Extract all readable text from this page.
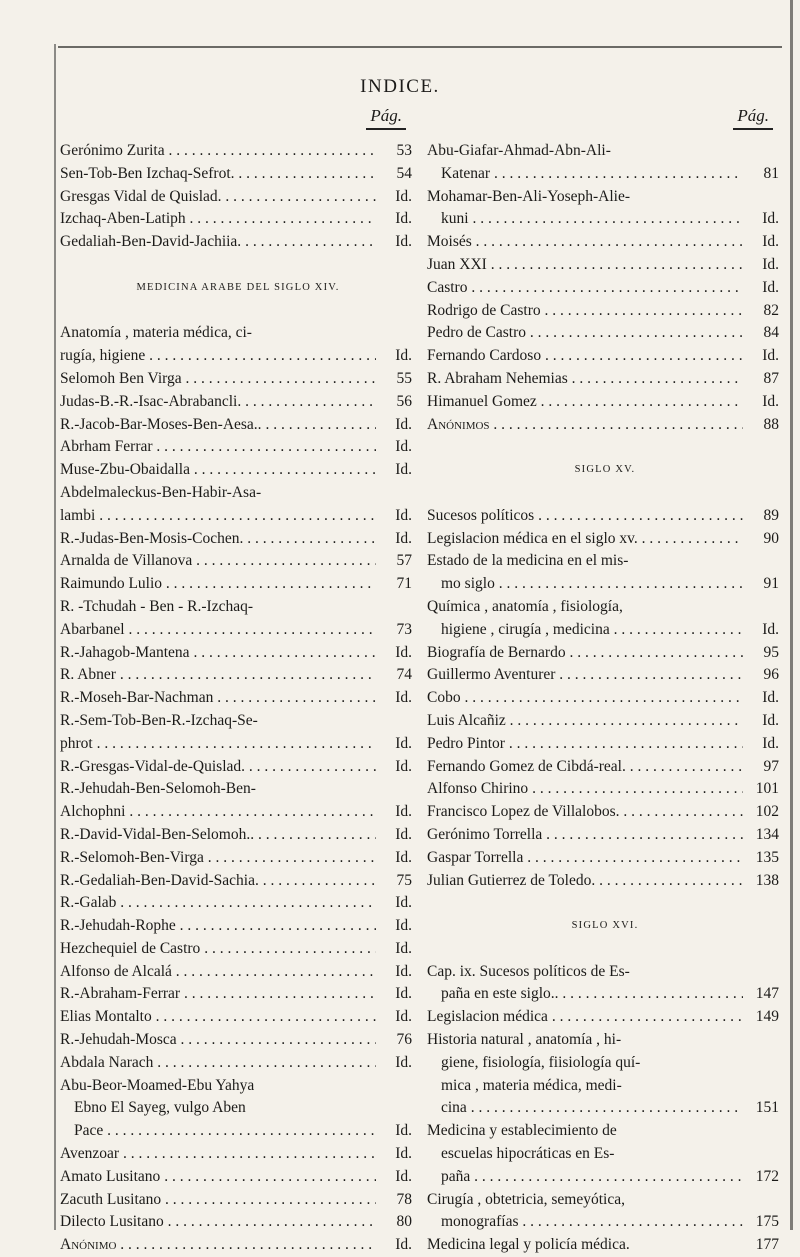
INDICE.
Pág.
Gerónimo Zurita . . .	53
Sen-Tob-Ben Izchaq-Sefrot. . . .	54
Gresgas Vidal de Quislad. . . .	Id.
Izchaq-Aben-Latiph . . .	Id.
Gedaliah-Ben-David-Jachiia. . . .	Id.
MEDICINA ARABE DEL SIGLO XIV.
Anatomía , materia médica, ci-
rugía, higiene . . .	Id.
Selomoh Ben Virga . . .	55
Judas-B.-R.-Isac-Abrabancli. . . .	56
R.-Jacob-Bar-Moses-Ben-Aesa.. . . .	Id.
Abrham Ferrar . . .	Id.
Muse-Zbu-Obaidalla . . .	Id.
Abdelmaleckus-Ben-Habir-Asa-
lambi . . .	Id.
R.-Judas-Ben-Mosis-Cochen. . . .	Id.
Arnalda de Villanova . . .	57
Raimundo Lulio . . .	71
R. -Tchudah - Ben - R.-Izchaq-
Abarbanel . . .	73
R.-Jahagob-Mantena . . .	Id.
R. Abner . . .	74
R.-Moseh-Bar-Nachman . . .	Id.
R.-Sem-Tob-Ben-R.-Izchaq-Se-
phrot . . .	Id.
R.-Gresgas-Vidal-de-Quislad. . . .	Id.
R.-Jehudah-Ben-Selomoh-Ben-
Alchophni . . .	Id.
R.-David-Vidal-Ben-Selomoh.. . . .	Id.
R.-Selomoh-Ben-Virga . . .	Id.
R.-Gedaliah-Ben-David-Sachia. . . .	75
R.-Galab . . .	Id.
R.-Jehudah-Rophe . . .	Id.
Hezchequiel de Castro . . .	Id.
Alfonso de Alcalá . . .	Id.
R.-Abraham-Ferrar . . .	Id.
Elias Montalto . . .	Id.
R.-Jehudah-Mosca . . .	76
Abdala Narach . . .	Id.
Abu-Beor-Moamed-Ebu Yahya
Ebno El Sayeg, vulgo Aben
Pace . . .	Id.
Avenzoar . . .	Id.
Amato Lusitano . . .	Id.
Zacuth Lusitano . . .	78
Dilecto Lusitano . . .	80
Anónimo . . .	Id.
Pág.
Abu-Giafar-Ahmad-Abn-Ali-
Katenar . . .	81
Mohamar-Ben-Ali-Yoseph-Alie-
kuni . . .	Id.
Moisés . . .	Id.
Juan XXI . . .	Id.
Castro . . .	Id.
Rodrigo de Castro . . .	82
Pedro de Castro . . .	84
Fernando Cardoso . . .	Id.
R. Abraham Nehemias . . .	87
Himanuel Gomez . . .	Id.
Anónimos . . .	88
SIGLO XV.
Sucesos políticos . . .	89
Legislacion médica en el siglo xv. . . .	90
Estado de la medicina en el mis-
mo siglo . . .	91
Química , anatomía , fisiología,
higiene , cirugía , medicina . . . .	Id.
Biografía de Bernardo . . .	95
Guillermo Aventurer . . .	96
Cobo . . .	Id.
Luis Alcañiz . . .	Id.
Pedro Pintor . . .	Id.
Fernando Gomez de Cibdá-real. . . .	97
Alfonso Chirino . . .	101
Francisco Lopez de Villalobos. . . .	102
Gerónimo Torrella . . .	134
Gaspar Torrella . . .	135
Julian Gutierrez de Toledo. . . .	138
SIGLO XVI.
Cap. ix. Sucesos políticos de Es-
paña en este siglo.. . . .	147
Legislacion médica . . .	149
Historia natural , anatomía , hi-
giene, fisiología, fiisiología quí-
mica , materia médica, medi-
cina . . .	151
Medicina y establecimiento de
escuelas hipocráticas en Es-
paña . . .	172
Cirugía , obtetricia, semeyótica,
monografías . . .	175
Medicina legal y policía médica.	177
